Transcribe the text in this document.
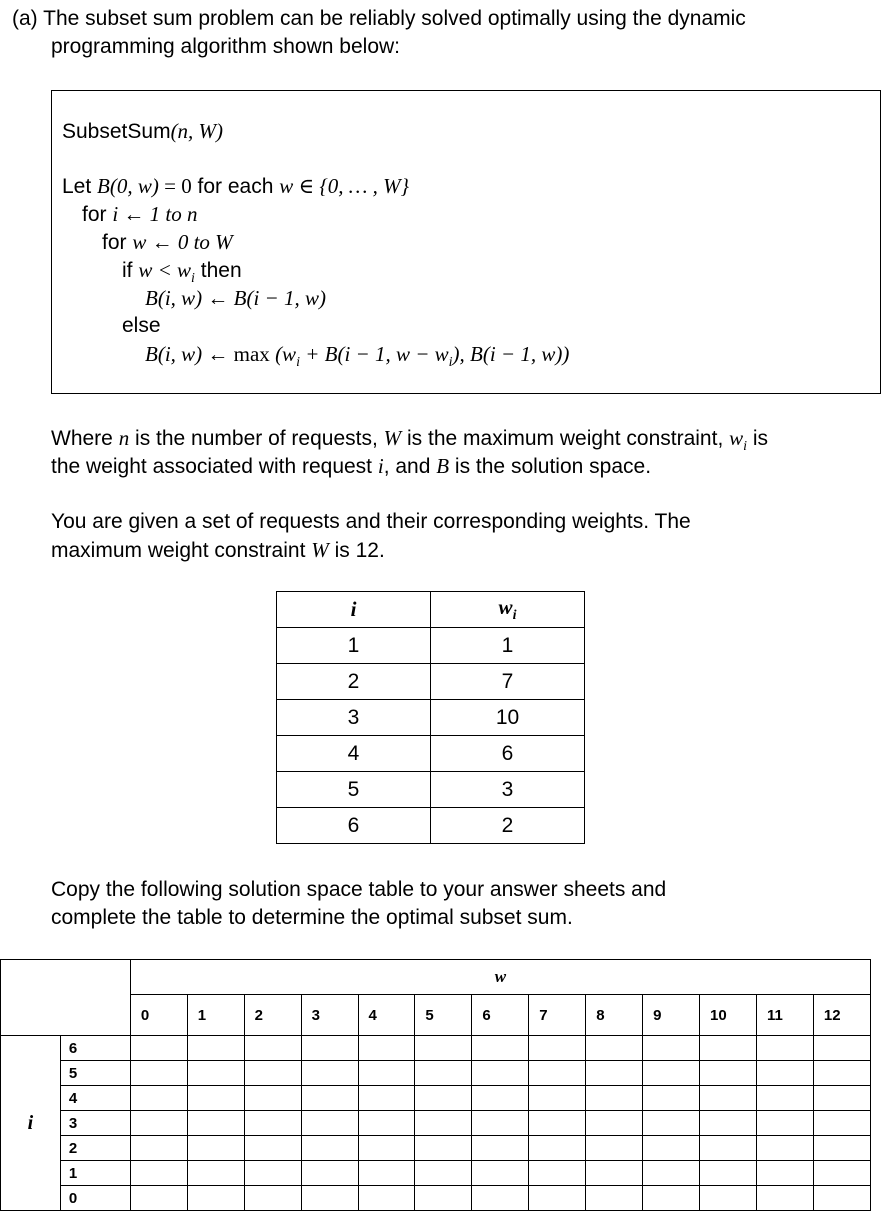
(a) The subset sum problem can be reliably solved optimally using the dynamic
programming algorithm shown below:
SubsetSum(n, W)
Let B(0, w) = 0 for each w ∈ {0, … , W}
for i ← 1 to n
for w ← 0 to W
if $w < w_i$ then
B(i, w) ← B(i − 1, w)
else
B(i, w) ← $\max (w_i + B(i - 1$, $w - w_i$), B(i − 1, w))
Where n is the number of requests, W is the maximum weight constraint, $w_i$ is
the weight associated with request i, and B is the solution space.
You are given a set of requests and their corresponding weights. The
maximum weight constraint W is 12.
i	$w_i$
1	1
2	7
3	10
4	6
5	3
6	2
Copy the following solution space table to your answer sheets and
complete the table to determine the optimal subset sum.
		w												
		0	1	2	3	4	5	6	7	8	9	10	11	12
i	6													
	5													
	4													
	3													
	2													
	1													
	0													
